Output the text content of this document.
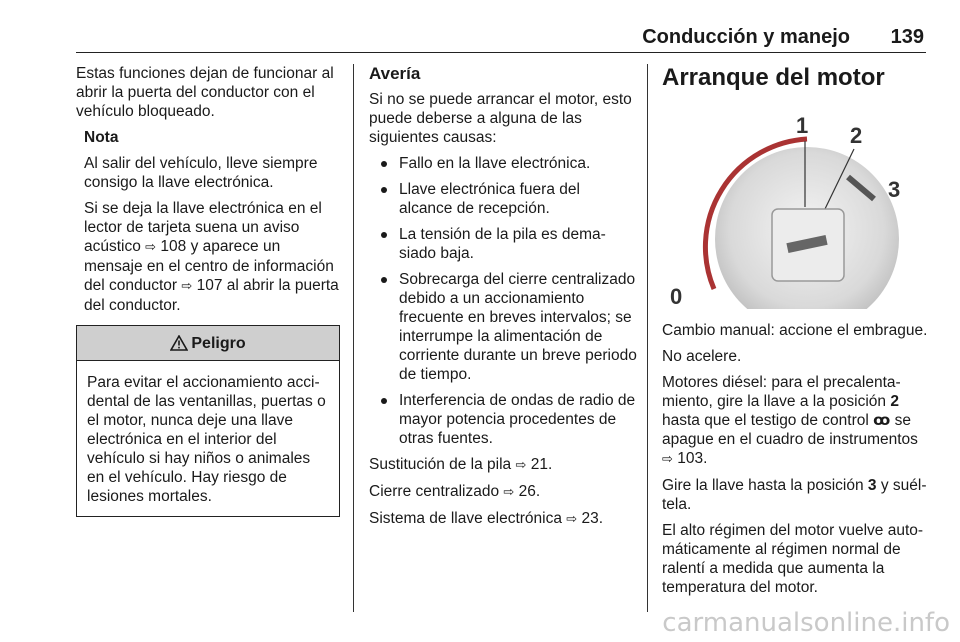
Conducción y manejo 139

Estas funciones dejan de funcionar al abrir la puerta del conductor con el vehículo bloqueado.

Nota

Al salir del vehículo, lleve siempre consigo la llave electrónica.

Si se deja la llave electrónica en el lector de tarjeta suena un aviso acústico ⇨ 108 y aparece un mensaje en el centro de información del conductor ⇨ 107 al abrir la puerta del conductor.

Peligro
Para evitar el accionamiento accidental de las ventanillas, puertas o el motor, nunca deje una llave electrónica en el interior del vehículo si hay niños o animales en el vehículo. Hay riesgo de lesiones mortales.

Avería

Si no se puede arrancar el motor, esto puede deberse a alguna de las siguientes causas:

Fallo en la llave electrónica.
Llave electrónica fuera del alcance de recepción.
La tensión de la pila es demasiado baja.
Sobrecarga del cierre centralizado debido a un accionamiento frecuente en breves intervalos; se interrumpe la alimentación de corriente durante un breve periodo de tiempo.
Interferencia de ondas de radio de mayor potencia procedentes de otras fuentes.

Sustitución de la pila ⇨ 21.

Cierre centralizado ⇨ 26.

Sistema de llave electrónica ⇨ 23.

Arranque del motor

0
1 2
3

Cambio manual: accione el embrague.

No acelere.

Motores diésel: para el precalentamiento, gire la llave a la posición 2 hasta que el testigo de control ꝏ se apague en el cuadro de instrumentos ⇨ 103.

Gire la llave hasta la posición 3 y suéltela.

El alto régimen del motor vuelve automáticamente al régimen normal de ralentí a medida que aumenta la temperatura del motor.

carmanualsonline.info
